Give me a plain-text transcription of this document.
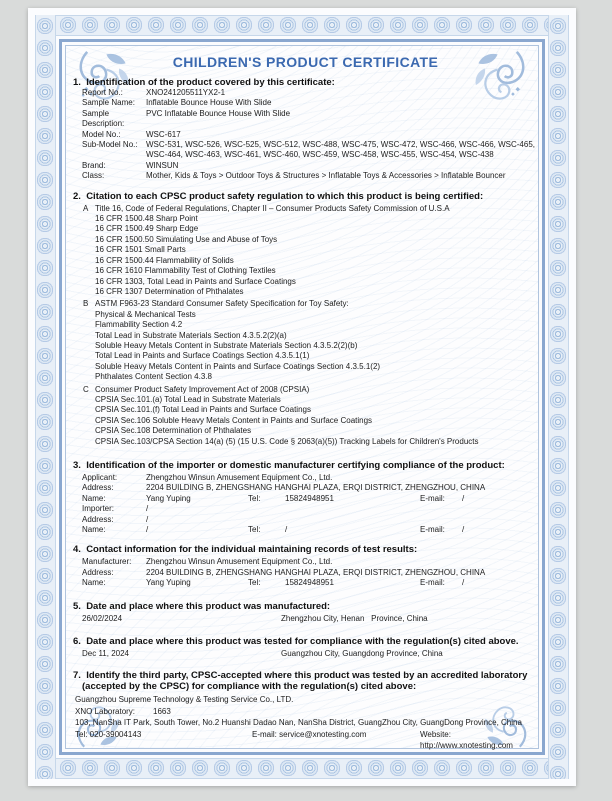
CHILDREN'S PRODUCT CERTIFICATE
1.  Identification of the product covered by this certificate:
Report No.:	XNO241205511YX2-1
Sample Name:	Inflatable Bounce House With Slide
Sample Description:
PVC Inflatable Bounce House With Slide
Model No.:	WSC-617
Sub-Model No.:	WSC-531, WSC-526, WSC-525, WSC-512, WSC-488, WSC-475, WSC-472, WSC-466, WSC-466, WSC-465, WSC-464, WSC-463, WSC-461, WSC-460, WSC-459, WSC-458, WSC-455, WSC-454, WSC-438
Brand:	WINSUN
Class:	Mother, Kids & Toys > Outdoor Toys & Structures > Inflatable Toys & Accessories > Inflatable Bouncer
2.  Citation to each CPSC product safety regulation to which this product is being certified:
A Title 16, Code of Federal Regulations, Chapter II – Consumer Products Safety Commission of U.S.A
16 CFR 1500.48 Sharp Point
16 CFR 1500.49 Sharp Edge
16 CFR 1500.50 Simulating Use and Abuse of Toys
16 CFR 1501 Small Parts
16 CFR 1500.44 Flammability of Solids
16 CFR 1610 Flammability Test of Clothing Textiles
16 CFR 1303, Total Lead in Paints and Surface Coatings
16 CFR 1307 Determination of Phthalates
B ASTM F963-23 Standard Consumer Safety Specification for Toy Safety:
Physical & Mechanical Tests
Flammability Section 4.2
Total Lead in Substrate Materials Section 4.3.5.2(2)(a)
Soluble Heavy Metals Content in Substrate Materials Section 4.3.5.2(2)(b)
Total Lead in Paints and Surface Coatings Section 4.3.5.1(1)
Soluble Heavy Metals Content in Paints and Surface Coatings Section 4.3.5.1(2)
Phthalates Content Section 4.3.8
C Consumer Product Safety Improvement Act of 2008 (CPSIA)
CPSIA Sec.101.(a) Total Lead in Substrate Materials
CPSIA Sec.101.(f) Total Lead in Paints and Surface Coatings
CPSIA Sec.106 Soluble Heavy Metals Content in Paints and Surface Coatings
CPSIA Sec.108 Determination of Phthalates
CPSIA Sec.103/CPSA Section 14(a) (5) (15 U.S. Code § 2063(a)(5)) Tracking Labels for Children's Products
3.  Identification of the importer or domestic manufacturer certifying compliance of the product:
Applicant:	Zhengzhou Winsun Amusement Equipment Co., Ltd.
Address:	2204 BUILDING B, ZHENGSHANG HANGHAI PLAZA, ERQI DISTRICT, ZHENGZHOU, CHINA
Name:	Yang Yuping	Tel:	15824948951	E-mail:	/
Importer:	/
Address:	/
Name:	/	Tel:	/	E-mail:	/
4.  Contact information for the individual maintaining records of test results:
Manufacturer:	Zhengzhou Winsun Amusement Equipment Co., Ltd.
Address:	2204 BUILDING B, ZHENGSHANG HANGHAI PLAZA, ERQI DISTRICT, ZHENGZHOU, CHINA
Name:	Yang Yuping	Tel:	15824948951	E-mail:	/
5.  Date and place where this product was manufactured:
26/02/2024	Zhengzhou City, Henan   Province, China
6.  Date and place where this product was tested for compliance with the regulation(s) cited above.
Dec 11, 2024	Guangzhou City, Guangdong Province, China
7.  Identify the third party, CPSC-accepted where this product was tested by an accredited laboratory
(accepted by the CPSC) for compliance with the regulation(s) cited above:
Guangzhou Supreme Technology & Testing Service Co., LTD.
XNO Laboratory:	1663
103, NanSha IT Park, South Tower, No.2 Huanshi Dadao Nan, NanSha District, GuangZhou City, GuangDong Province, China
Tel: 020-39004143	E-mail: service@xnotesting.com	Website: http://www.xnotesting.com
